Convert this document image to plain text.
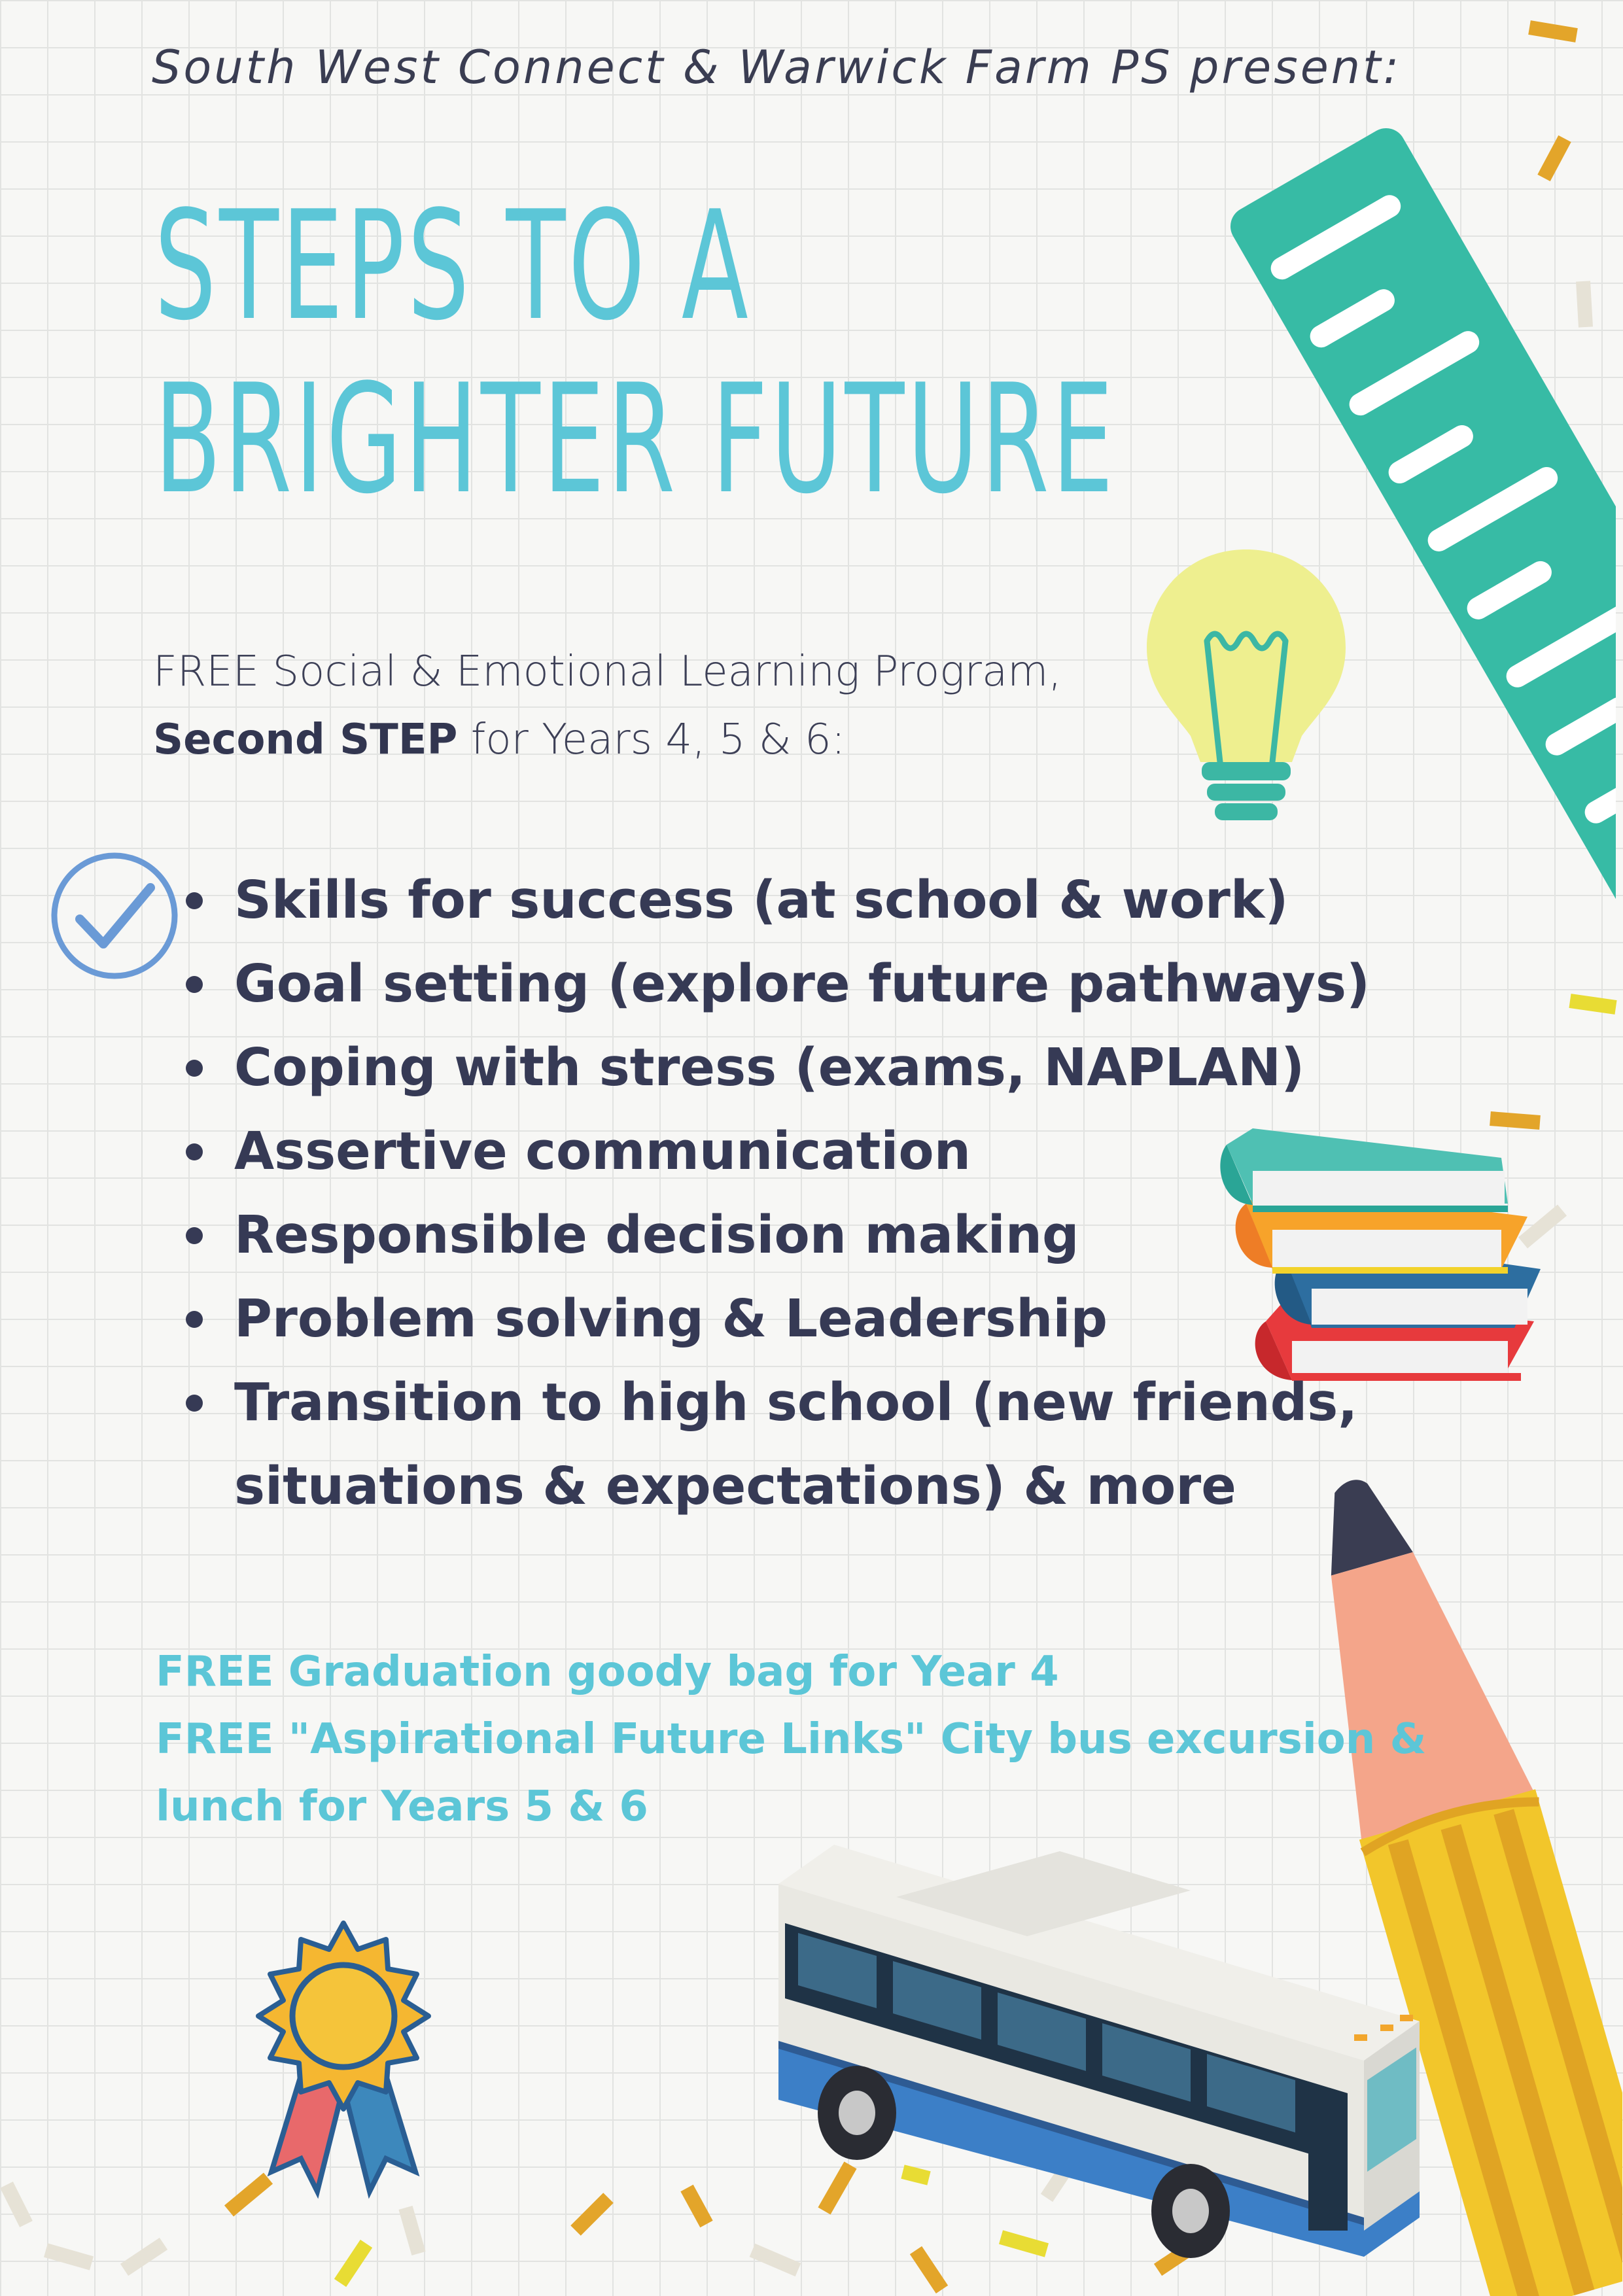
South West Connect & Warwick Farm PS present:
STEPS TO A
BRIGHTER FUTURE
FREE Social & Emotional Learning Program,
Second STEP for Years 4, 5 & 6:
Skills for success (at school & work)
Goal setting (explore future pathways)
Coping with stress (exams, NAPLAN)
Assertive communication
Responsible decision making
Problem solving & Leadership
Transition to high school (new friends,
situations & expectations) & more
FREE Graduation goody bag for Year 4
FREE "Aspirational Future Links" City bus excursion &
lunch for Years 5 & 6
